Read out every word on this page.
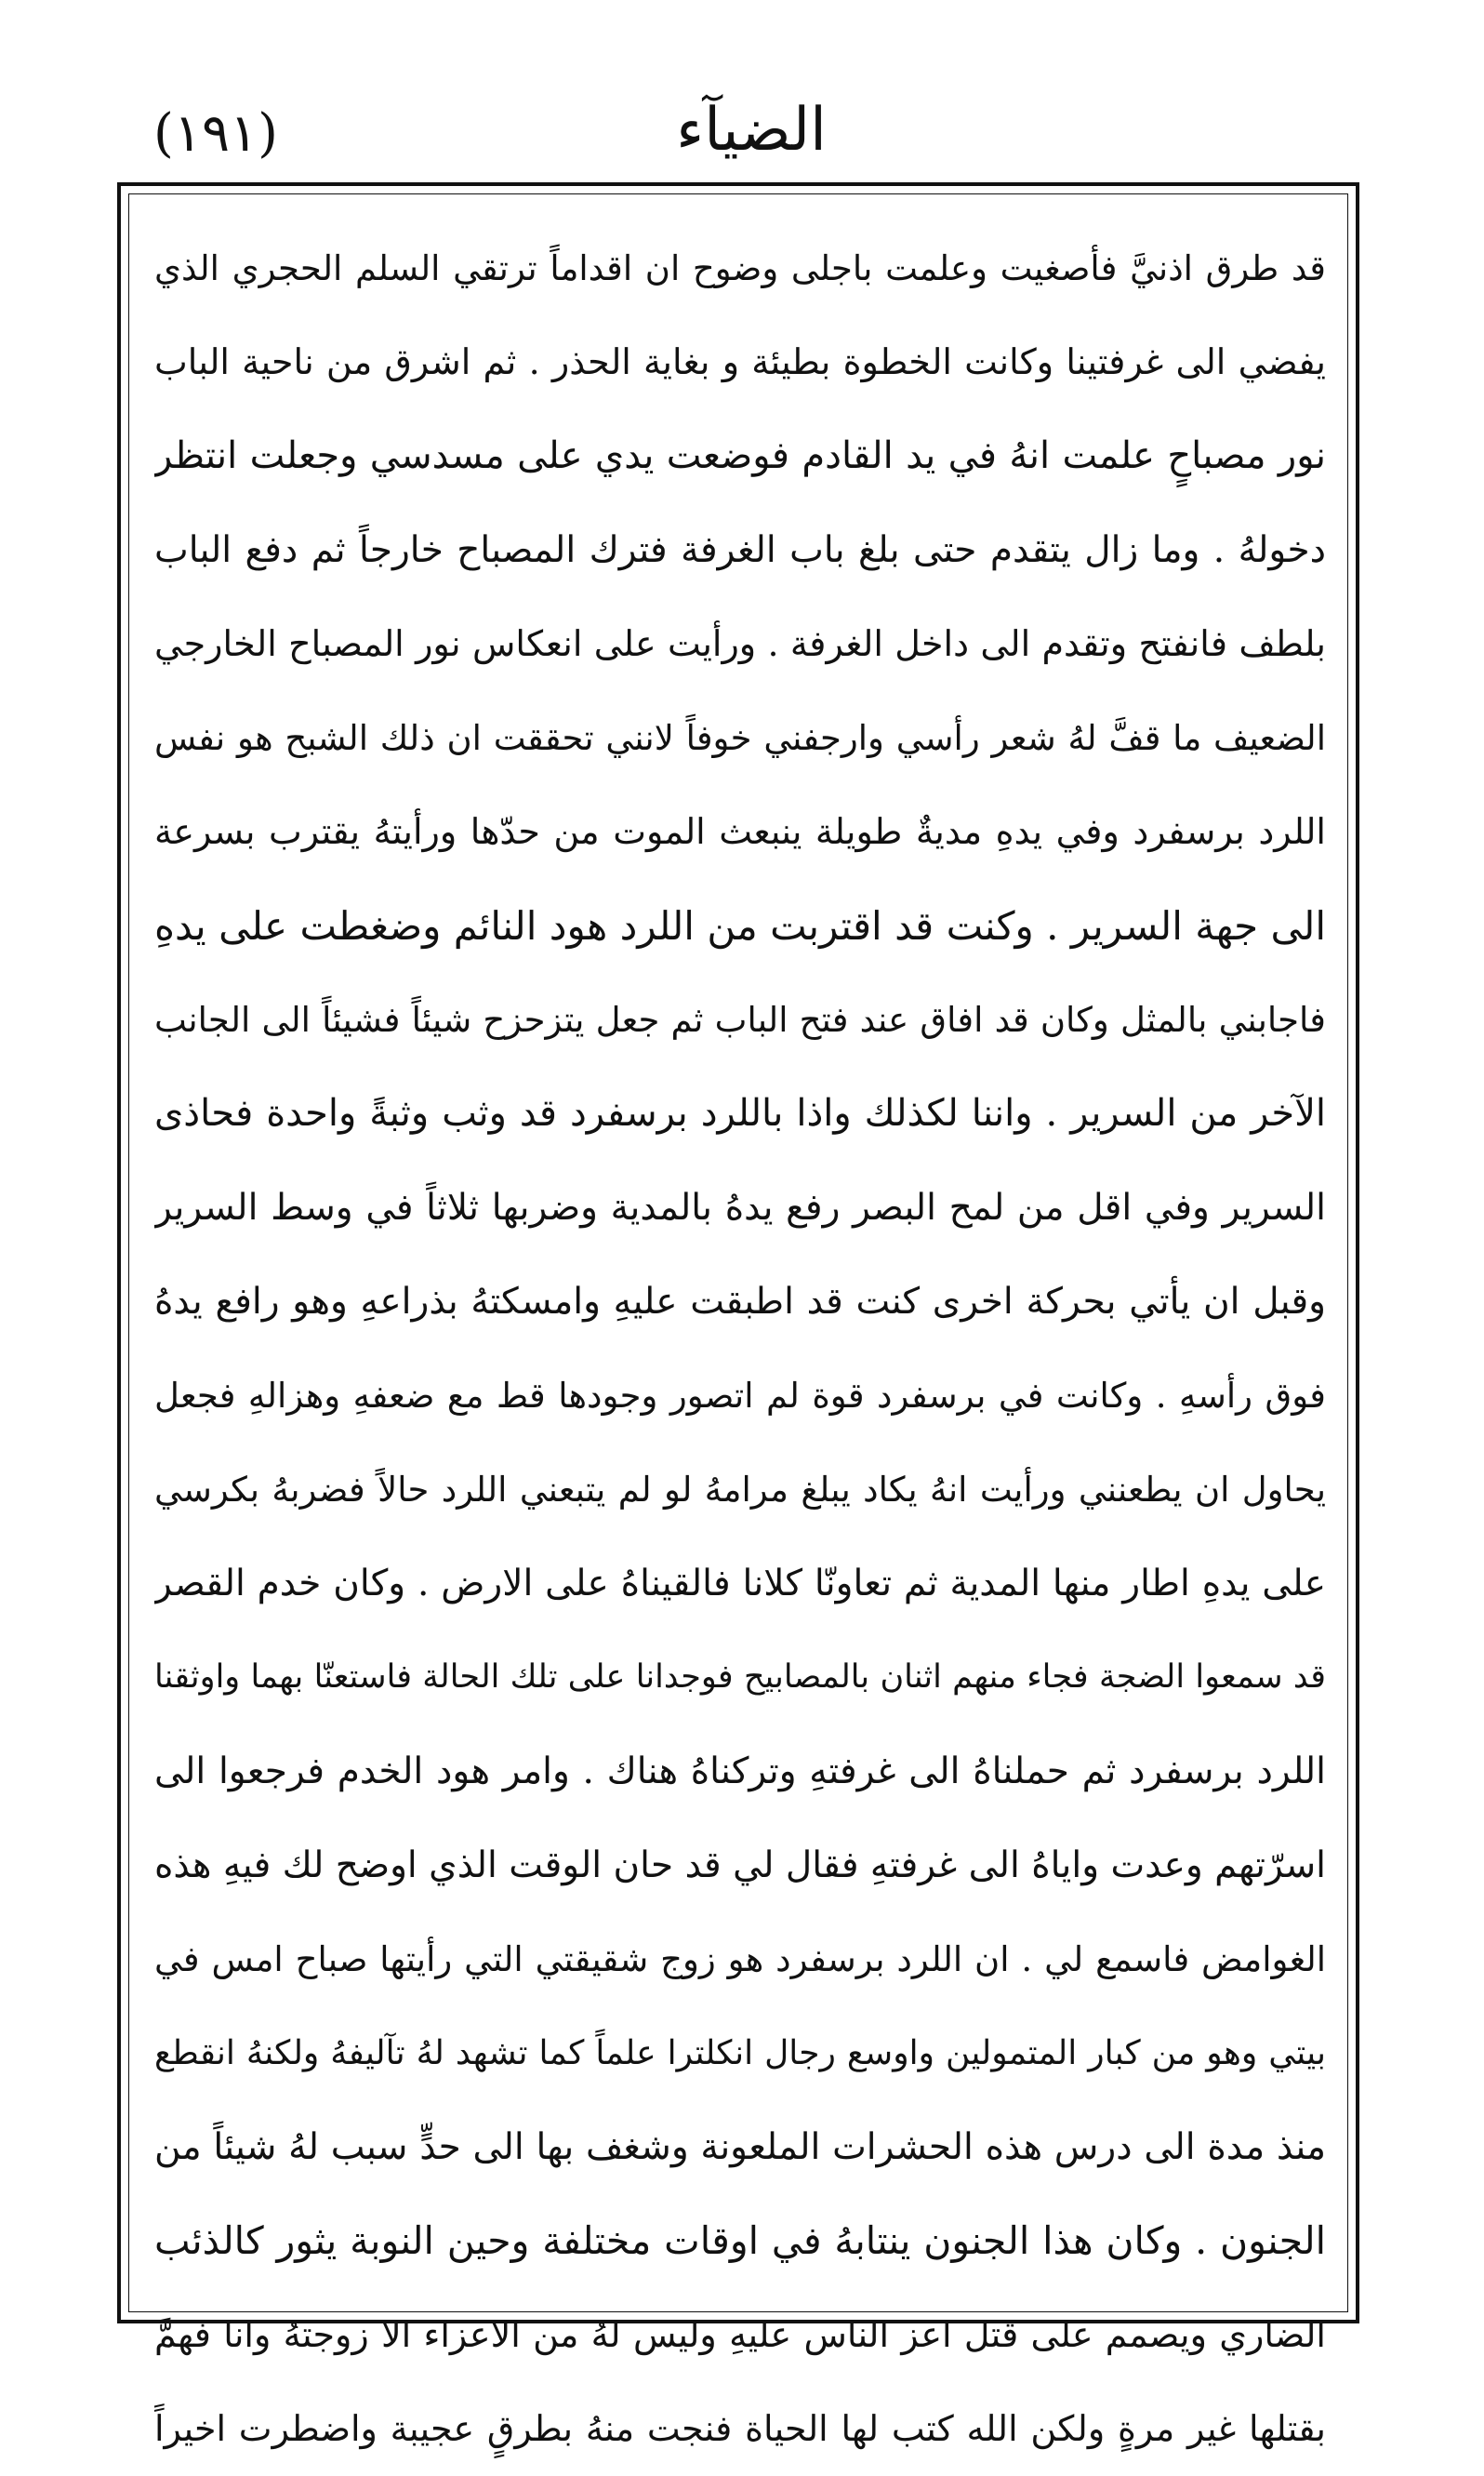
(١٩١)	الضيآء
قد طرق اذنيَّ فأصغيت وعلمت باجلى وضوح ان اقداماً ترتقي السلم الحجري الذي
يفضي الى غرفتينا وكانت الخطوة بطيئة و بغاية الحذر . ثم اشرق من ناحية الباب
نور مصباحٍ علمت انهُ في يد القادم فوضعت يدي على مسدسي وجعلت انتظر
دخولهُ . وما زال يتقدم حتى بلغ باب الغرفة فترك المصباح خارجاً ثم دفع الباب
بلطف فانفتح وتقدم الى داخل الغرفة . ورأيت على انعكاس نور المصباح الخارجي
الضعيف ما قفَّ لهُ شعر رأسي وارجفني خوفاً لانني تحققت ان ذلك الشبح هو نفس
اللرد برسفرد وفي يدهِ مديةٌ طويلة ينبعث الموت من حدّها ورأيتهُ يقترب بسرعة
الى جهة السرير . وكنت قد اقتربت من اللرد هود النائم وضغطت على يدهِ
فاجابني بالمثل وكان قد افاق عند فتح الباب ثم جعل يتزحزح شيئاً فشيئاً الى الجانب
الآخر من السرير . واننا لكذلك واذا باللرد برسفرد قد وثب وثبةً واحدة فحاذى
السرير وفي اقل من لمح البصر رفع يدهُ بالمدية وضربها ثلاثاً في وسط السرير
وقبل ان يأتي بحركة اخرى كنت قد اطبقت عليهِ وامسكتهُ بذراعهِ وهو رافع يدهُ
فوق رأسهِ . وكانت في برسفرد قوة لم اتصور وجودها قط مع ضعفهِ وهزالهِ فجعل
يحاول ان يطعنني ورأيت انهُ يكاد يبلغ مرامهُ لو لم يتبعني اللرد حالاً فضربهُ بكرسي
على يدهِ اطار منها المدية ثم تعاونّا كلانا فالقيناهُ على الارض . وكان خدم القصر
قد سمعوا الضجة فجاء منهم اثنان بالمصابيح فوجدانا على تلك الحالة فاستعنّا بهما واوثقنا
اللرد برسفرد ثم حملناهُ الى غرفتهِ وتركناهُ هناك . وامر هود الخدم فرجعوا الى
اسرّتهم وعدت واياهُ الى غرفتهِ فقال لي قد حان الوقت الذي اوضح لك فيهِ هذه
الغوامض فاسمع لي . ان اللرد برسفرد هو زوج شقيقتي التي رأيتها صباح امس في
بيتي وهو من كبار المتمولين واوسع رجال انكلترا علماً كما تشهد لهُ تآليفهُ ولكنهُ انقطع
منذ مدة الى درس هذه الحشرات الملعونة وشغف بها الى حدٍّ سبب لهُ شيئاً من
الجنون . وكان هذا الجنون ينتابهُ في اوقات مختلفة وحين النوبة يثور كالذئب
الضاري ويصمم على قتل اعز الناس عليهِ وليس لهُ من الاعزاء الا زوجتهُ وانا فهمَّ
بقتلها غير مرةٍ ولكن الله كتب لها الحياة فنجت منهُ بطرقٍ عجيبة واضطرت اخيراً
